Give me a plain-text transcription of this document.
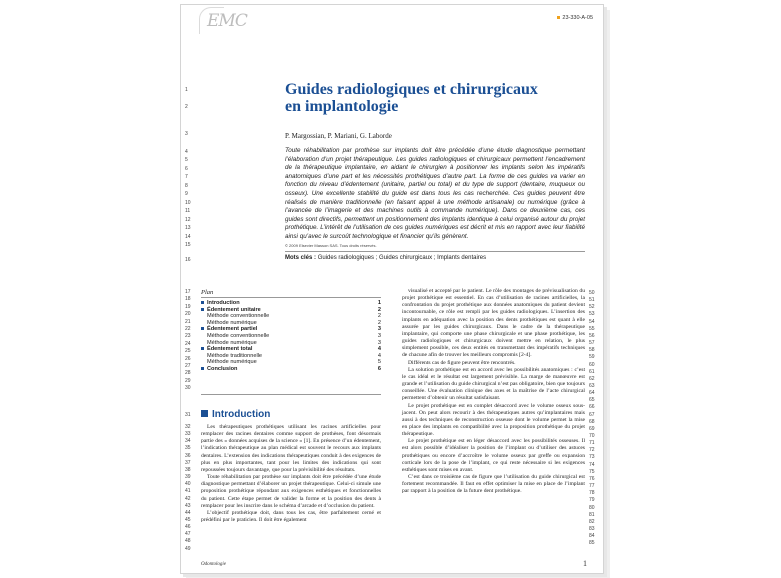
EMC	23-330-A-05
1
2
3
4
5
6
7
8
9
10
11
12
13
14
15
16
Guides radiologiques et chirurgicaux
en implantologie
P. Margossian, P. Mariani, G. Laborde
Toute réhabilitation par prothèse sur implants doit être précédée d’une étude diagnostique permettant l’élaboration d’un projet thérapeutique. Les guides radiologiques et chirurgicaux permettent l’encadrement de la thérapeutique implantaire, en aidant le chirurgien à positionner les implants selon les impératifs anatomiques d’une part et les nécessités prothétiques d’autre part. La forme de ces guides va varier en fonction du niveau d’édentement (unitaire, partiel ou total) et du type de support (dentaire, muqueux ou osseux). Une excellente stabilité du guide est dans tous les cas recherchée. Ces guides peuvent être réalisés de manière traditionnelle (en faisant appel à une méthode artisanale) ou numérique (grâce à l’avancée de l’imagerie et des machines outils à commande numérique). Dans ce deuxième cas, ces guides sont directifs, permettent un positionnement des implants identique à celui organisé autour du projet prothétique. L’intérêt de l’utilisation de ces guides numériques est décrit et mis en rapport avec leur fiabilité ainsi qu’avec le surcoût technologique et financier qu’ils génèrent.
© 2009 Elsevier Masson SAS. Tous droits réservés.
Mots clés : Guides radiologiques ; Guides chirurgicaux ; Implants dentaires
Plan
Introduction	1
Édentement unitaire	2
Méthode conventionnelle	2
Méthode numérique	2
Édentement partiel	3
Méthode conventionnelle	3
Méthode numérique	3
Édentement total	4
Méthode traditionnelle	4
Méthode numérique	5
Conclusion	6
Introduction

Les thérapeutiques prothétiques utilisant les racines artificielles pour remplacer des racines dentaires comme support de prothèses, font désormais partie des « données acquises de la science » [1]. En présence d’un édentement, l’indication thérapeutique au plan médical est souvent le recours aux implants dentaires. L’extension des indications thérapeutiques conduit à des exigences de plus en plus importantes, tant pour les limites des indications qui sont repoussées toujours davantage, que pour la prévisibilité des résultats.

Toute réhabilitation par prothèse sur implants doit être précédée d’une étude diagnostique permettant d’élaborer un projet thérapeutique. Celui-ci simule une proposition prothétique répondant aux exigences esthétiques et fonctionnelles du patient. Cette étape permet de valider la forme et la position des dents à remplacer pour les inscrire dans le schéma d’arcade et d’occlusion du patient.

L’objectif prothétique doit, dans tous les cas, être parfaitement cerné et prédéfini par le praticien. Il doit être également

visualisé et accepté par le patient. Le rôle des montages de prévisualisation du projet prothétique est essentiel. En cas d’utilisation de racines artificielles, la confrontation du projet prothétique aux données anatomiques du patient devient incontournable, ce rôle est rempli par les guides radiologiques. L’insertion des implants en adéquation avec la position des dents prothétiques est quant à elle assurée par les guides chirurgicaux. Dans le cadre de la thérapeutique implantaire, qui comporte une phase chirurgicale et une phase prothétique, les guides radiologiques et chirurgicaux doivent mettre en relation, le plus simplement possible, ces deux entités en transmettant des impératifs techniques de chacune afin de trouver les meilleurs compromis [2-4].

Différents cas de figure peuvent être rencontrés.

La solution prothétique est en accord avec les possibilités anatomiques : c’est le cas idéal et le résultat est largement prévisible. La marge de manœuvre est grande et l’utilisation du guide chirurgical n’est pas obligatoire, bien que toujours conseillée. Une évaluation clinique des axes et la maîtrise de l’acte chirurgical permettent d’obtenir un résultat satisfaisant.

Le projet prothétique est en complet désaccord avec le volume osseux sous-jacent. On peut alors recourir à des thérapeutiques autres qu’implantaires mais aussi à des techniques de reconstruction osseuse dont le volume permet la mise en place des implants en compatibilité avec la proposition prothétique du projet thérapeutique.

Le projet prothétique est en léger désaccord avec les possibilités osseuses. Il est alors possible d’idéaliser la position de l’implant ou d’utiliser des astuces prothétiques ou encore d’accroître le volume osseux par greffe ou expansion corticale lors de la pose de l’implant, ce qui reste nécessaire si les exigences esthétiques sont mises en avant.

C’est dans ce troisième cas de figure que l’utilisation du guide chirurgical est fortement recommandée. Il faut en effet optimiser la mise en place de l’implant par rapport à la position de la future dent prothétique.

17
18
19
20
21
22
23
24
25
26
27
28
29
30
31
32
33
34
35
36
37
38
39
40
41
42
43
44
45
46
47
48
49
50
51
52
53
54
55
56
57
58
59
60
61
62
63
64
65
66
67
68
69
70
71
72
73
74
75
76
77
78
79
80
81
82
83
84
85
Odontologie	1
